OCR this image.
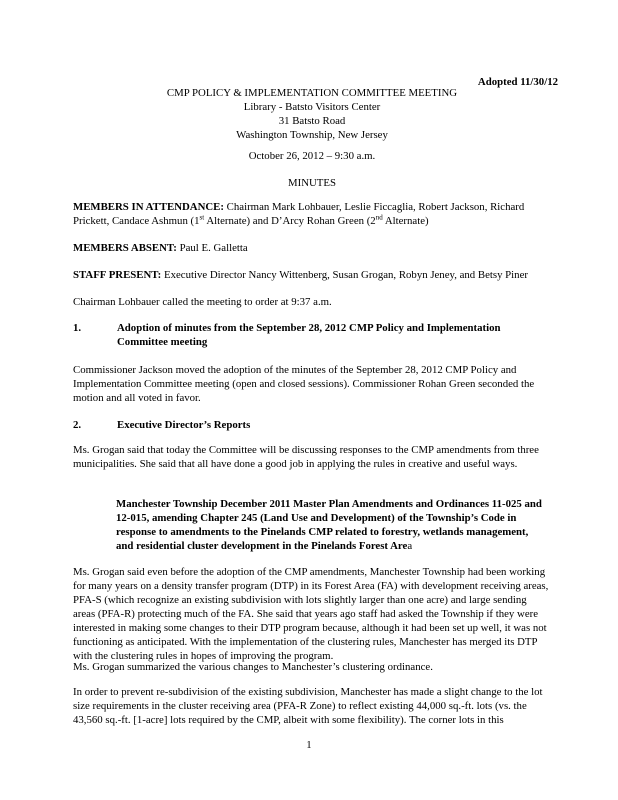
Adopted 11/30/12
CMP POLICY & IMPLEMENTATION COMMITTEE MEETING
Library - Batsto Visitors Center
31 Batsto Road
Washington Township, New Jersey
October 26, 2012 – 9:30 a.m.
MINUTES
MEMBERS IN ATTENDANCE: Chairman Mark Lohbauer, Leslie Ficcaglia, Robert Jackson, Richard Prickett, Candace Ashmun (1st Alternate) and D’Arcy Rohan Green (2nd Alternate)
MEMBERS ABSENT: Paul E. Galletta
STAFF PRESENT: Executive Director Nancy Wittenberg, Susan Grogan, Robyn Jeney, and Betsy Piner
Chairman Lohbauer called the meeting to order at 9:37 a.m.
1.	Adoption of minutes from the September 28, 2012 CMP Policy and Implementation Committee meeting
Commissioner Jackson moved the adoption of the minutes of the September 28, 2012 CMP Policy and Implementation Committee meeting (open and closed sessions). Commissioner Rohan Green seconded the motion and all voted in favor.
2.	Executive Director’s Reports
Ms. Grogan said that today the Committee will be discussing responses to the CMP amendments from three municipalities. She said that all have done a good job in applying the rules in creative and useful ways.
Manchester Township December 2011 Master Plan Amendments and Ordinances 11-025 and 12-015, amending Chapter 245 (Land Use and Development) of the Township’s Code in response to amendments to the Pinelands CMP related to forestry, wetlands management, and residential cluster development in the Pinelands Forest Area
Ms. Grogan said even before the adoption of the CMP amendments, Manchester Township had been working for many years on a density transfer program (DTP) in its Forest Area (FA) with development receiving areas, PFA-S (which recognize an existing subdivision with lots slightly larger than one acre) and large sending areas (PFA-R) protecting much of the FA. She said that years ago staff had asked the Township if they were interested in making some changes to their DTP program because, although it had been set up well, it was not functioning as anticipated. With the implementation of the clustering rules, Manchester has merged its DTP with the clustering rules in hopes of improving the program.
Ms. Grogan summarized the various changes to Manchester’s clustering ordinance.
In order to prevent re-subdivision of the existing subdivision, Manchester has made a slight change to the lot size requirements in the cluster receiving area (PFA-R Zone) to reflect existing 44,000 sq.-ft. lots (vs. the 43,560 sq.-ft. [1-acre] lots required by the CMP, albeit with some flexibility). The corner lots in this
1
